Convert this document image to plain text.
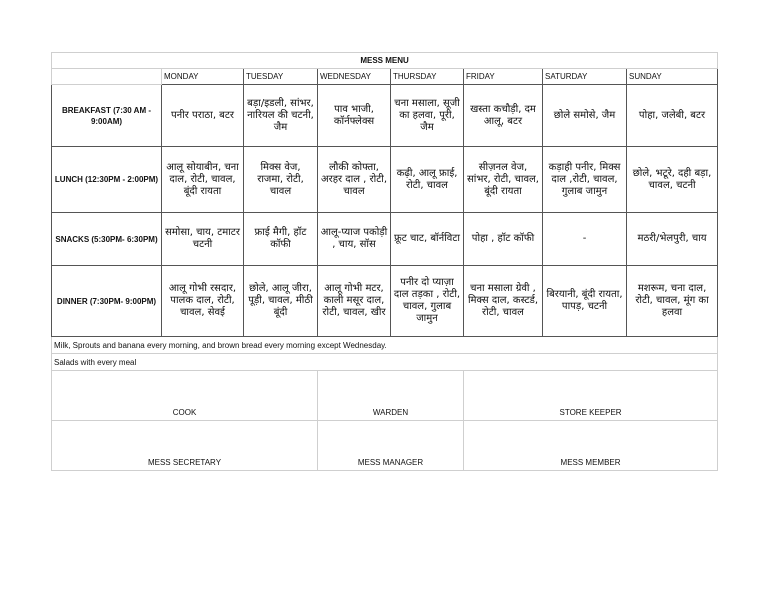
MESS MENU							
	MONDAY	TUESDAY	WEDNESDAY	THURSDAY	FRIDAY	SATURDAY	SUNDAY
BREAKFAST (7:30 AM - 9:00AM)	पनीर पराठा, बटर	बड़ा/इडली, सांभर, नारियल की चटनी, जैम	पाव भाजी, कॉर्नफ्लेक्स	चना मसाला, सूजी का हलवा, पूरी, जैम	खस्ता कचौड़ी, दम आलू, बटर	छोले समोसे, जैम	पोहा, जलेबी, बटर
LUNCH (12:30PM - 2:00PM)	आलू सोयाबीन, चना दाल, रोटी, चावल, बूंदी रायता	मिक्स वेज, राजमा, रोटी, चावल	लौकी कोफ्ता, अरहर दाल , रोटी, चावल	कढ़ी, आलू फ्राई, रोटी, चावल	सीज़नल वेज, सांभर, रोटी, चावल, बूंदी रायता	कड़ाही पनीर, मिक्स दाल ,रोटी, चावल, गुलाब जामुन	छोले, भटूरे, दही बड़ा, चावल, चटनी
SNACKS (5:30PM- 6:30PM)	समोसा, चाय, टमाटर चटनी	फ्राई मैगी, हॉट कॉफी	आलू-प्याज पकोड़ी , चाय, सॉस	फ्रूट चाट, बॉर्नविटा	पोहा , हॉट कॉफी	-	मठरी/भेलपुरी, चाय
DINNER (7:30PM- 9:00PM)	आलू गोभी रसदार, पालक दाल, रोटी, चावल, सेवई	छोले, आलू जीरा, पूड़ी, चावल, मीठी बूंदी	आलू गोभी मटर, काली मसूर दाल, रोटी, चावल, खीर	पनीर दो प्याज़ा दाल तड़का , रोटी, चावल, गुलाब जामुन	चना मसाला ग्रेवी , मिक्स दाल, कस्टर्ड, रोटी, चावल	बिरयानी, बूंदी रायता, पापड़, चटनी	मशरूम, चना दाल, रोटी, चावल, मूंग का हलवा
Milk, Sprouts and banana every morning, and brown bread every morning except Wednesday.							
Salads with every meal							
COOK			WARDEN		STORE KEEPER		
MESS SECRETARY			MESS MANAGER		MESS MEMBER		
